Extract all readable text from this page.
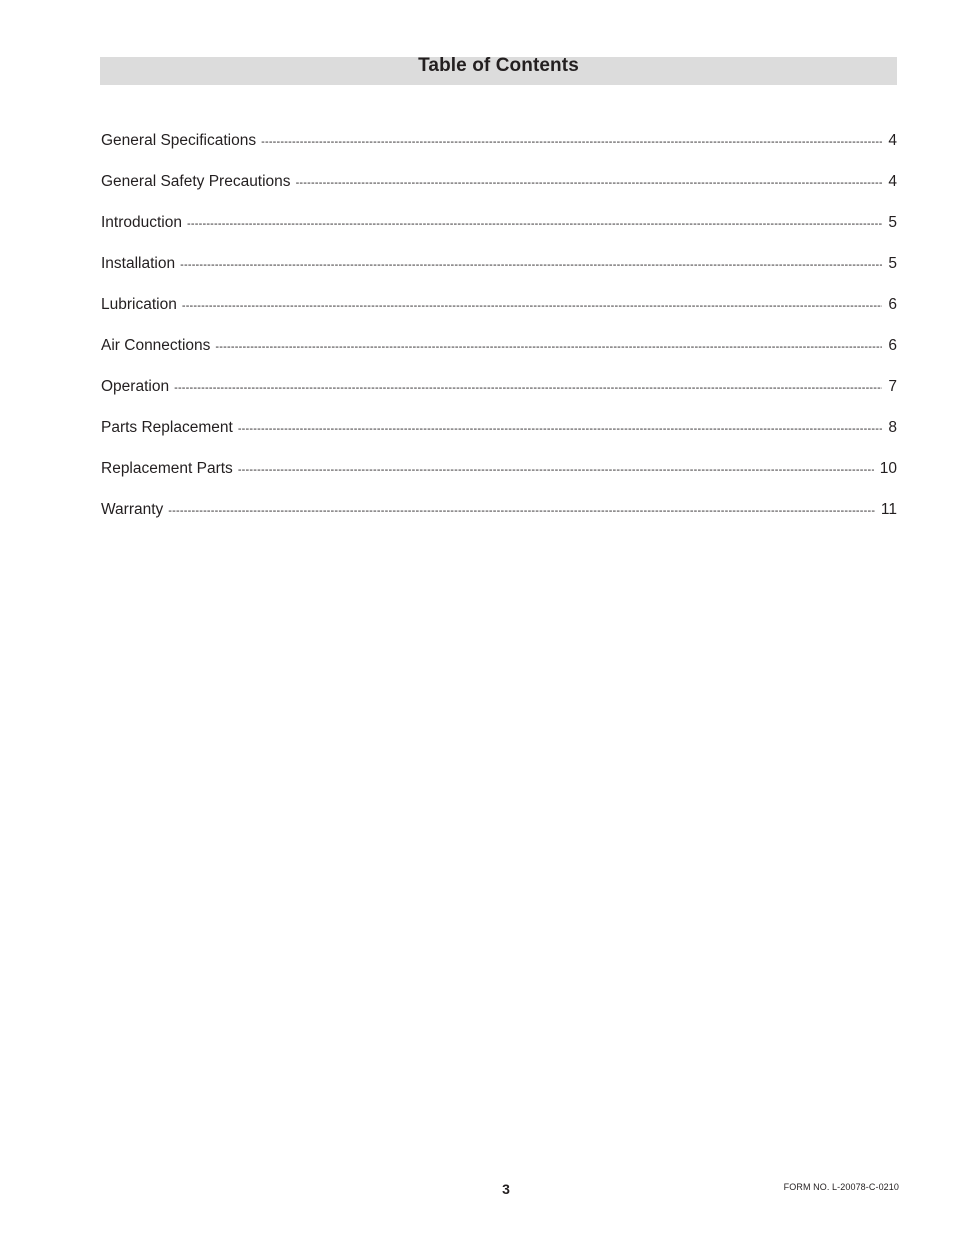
Table of Contents
General Specifications -----	4
General Safety Precautions -----	4
Introduction -----	5
Installation -----	5
Lubrication -----	6
Air Connections -----	6
Operation -----	7
Parts Replacement -----	8
Replacement Parts -----	10
Warranty -----	11
3	FORM NO. L-20078-C-0210
